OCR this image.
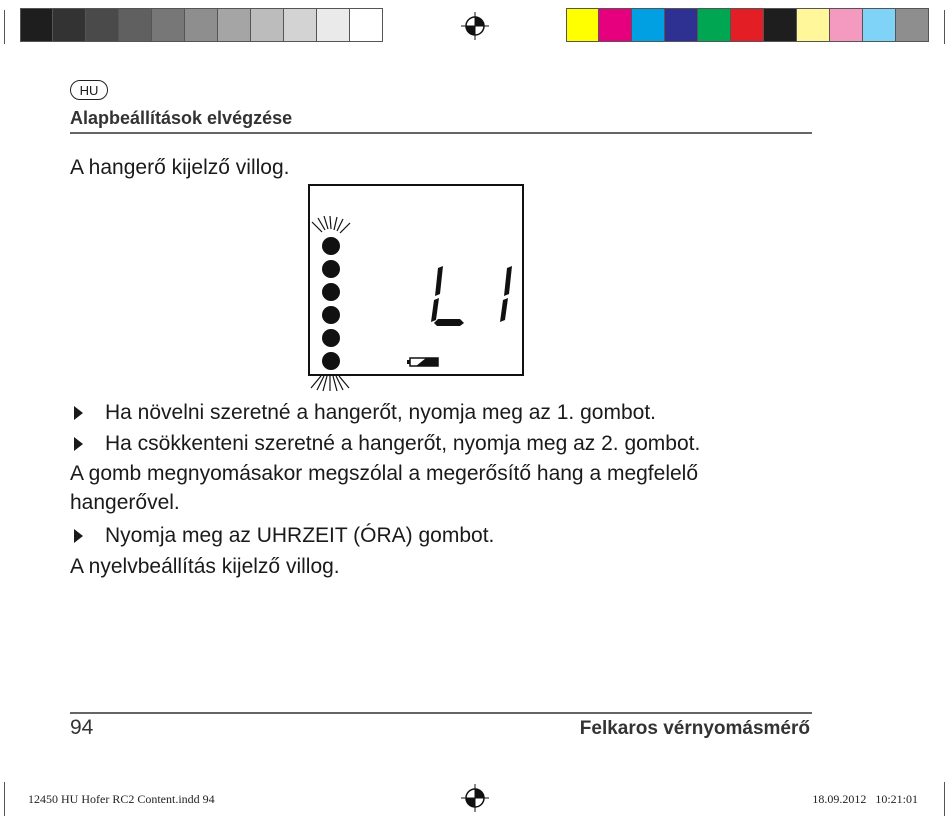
HU
Alapbeállítások elvégzése
A hangerő kijelző villog.
Ha növelni szeretné a hangerőt, nyomja meg az 1. gombot.
Ha csökkenteni szeretné a hangerőt, nyomja meg az 2. gombot.
A gomb megnyomásakor megszólal a megerősítő hang a megfelelő
hangerővel.
Nyomja meg az UHRZEIT (ÓRA) gombot.
A nyelvbeállítás kijelző villog.
94	Felkaros vérnyomásmérő
12450 HU Hofer RC2 Content.indd 94	18.09.2012   10:21:01
